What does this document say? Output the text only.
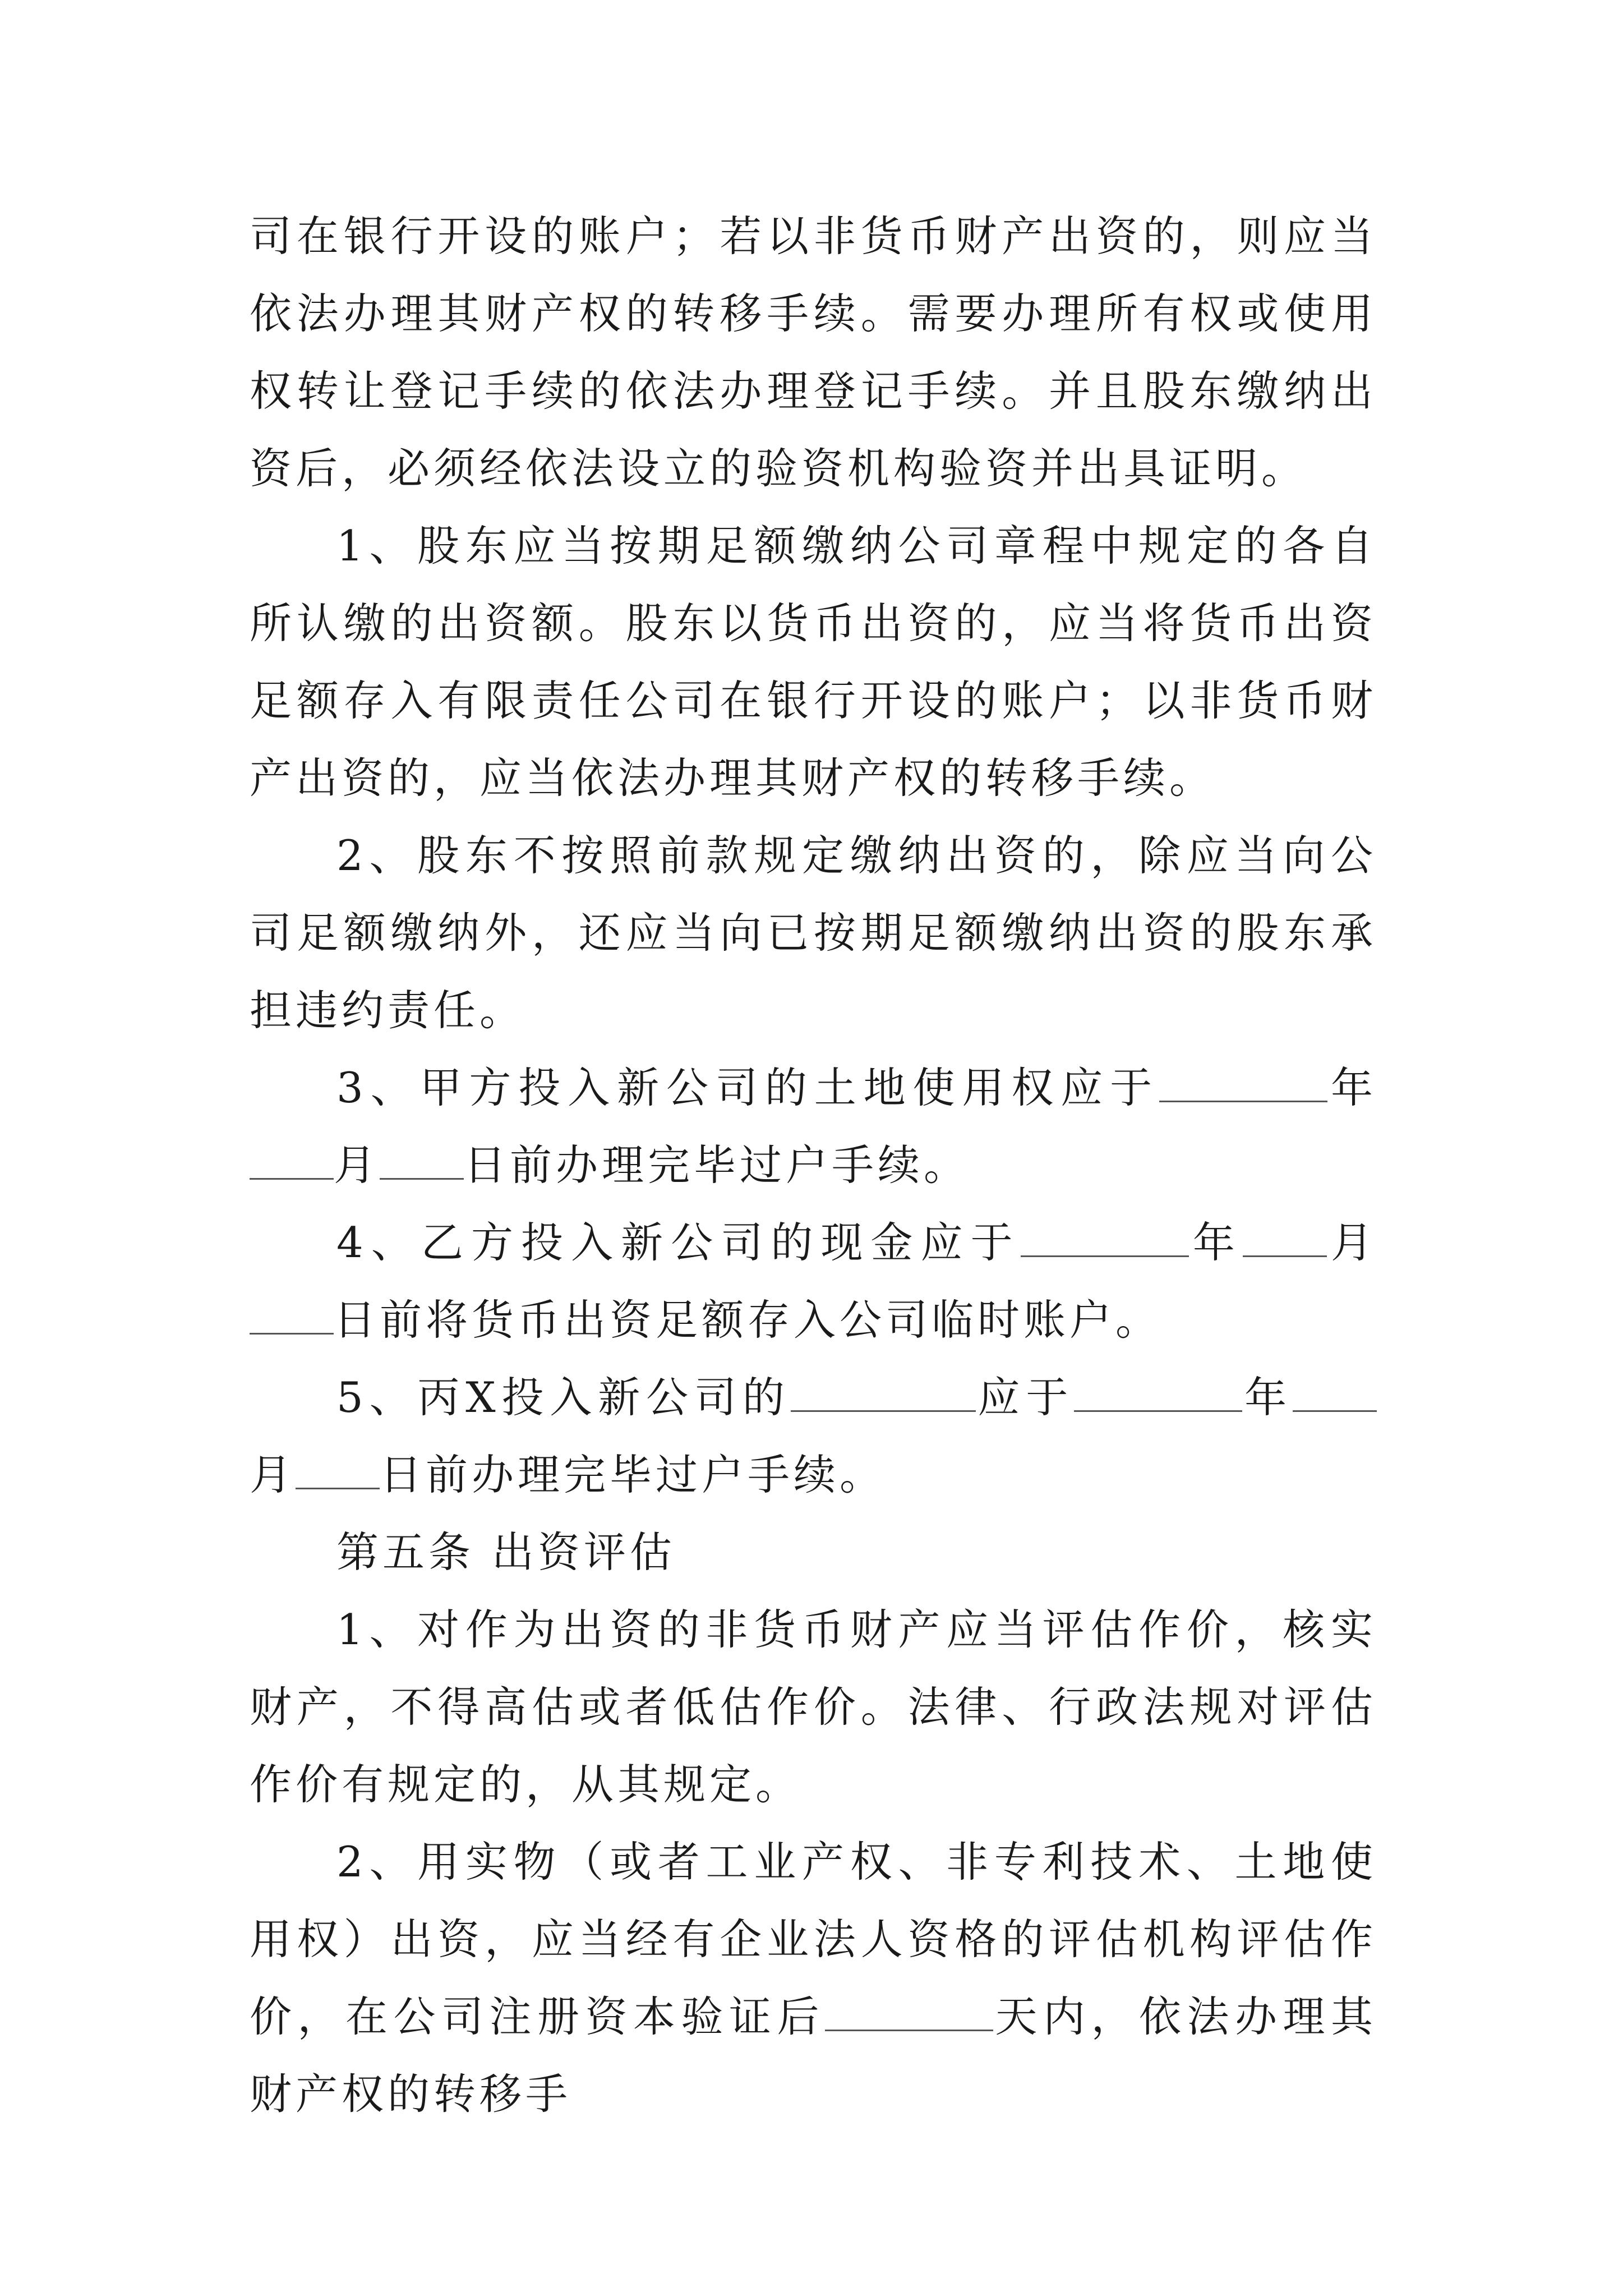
司在银行开设的账户；若以非货币财产出资的，则应当依法办理其财产权的转移手续。需要办理所有权或使用权转让登记手续的依法办理登记手续。并且股东缴纳出资后，必须经依法设立的验资机构验资并出具证明。

1、股东应当按期足额缴纳公司章程中规定的各自所认缴的出资额。股东以货币出资的，应当将货币出资足额存入有限责任公司在银行开设的账户；以非货币财产出资的，应当依法办理其财产权的转移手续。

2、股东不按照前款规定缴纳出资的，除应当向公司足额缴纳外，还应当向已按期足额缴纳出资的股东承担违约责任。

3、甲方投入新公司的土地使用权应于	年月 日前办理完毕过户手续。

4、乙方投入新公司的现金应于	年 月日前将货币出资足额存入公司临时账户。

5、丙X投入新公司的	应于	年月 日前办理完毕过户手续。

第五条 出资评估

1、对作为出资的非货币财产应当评估作价，核实财产，不得高估或者低估作价。法律、行政法规对评估作价有规定的，从其规定。

2、用实物（或者工业产权、非专利技术、土地使用权）出资，应当经有企业法人资格的评估机构评估作价，在公司注册资本验证后	天内，依法办理其财产权的转移手
